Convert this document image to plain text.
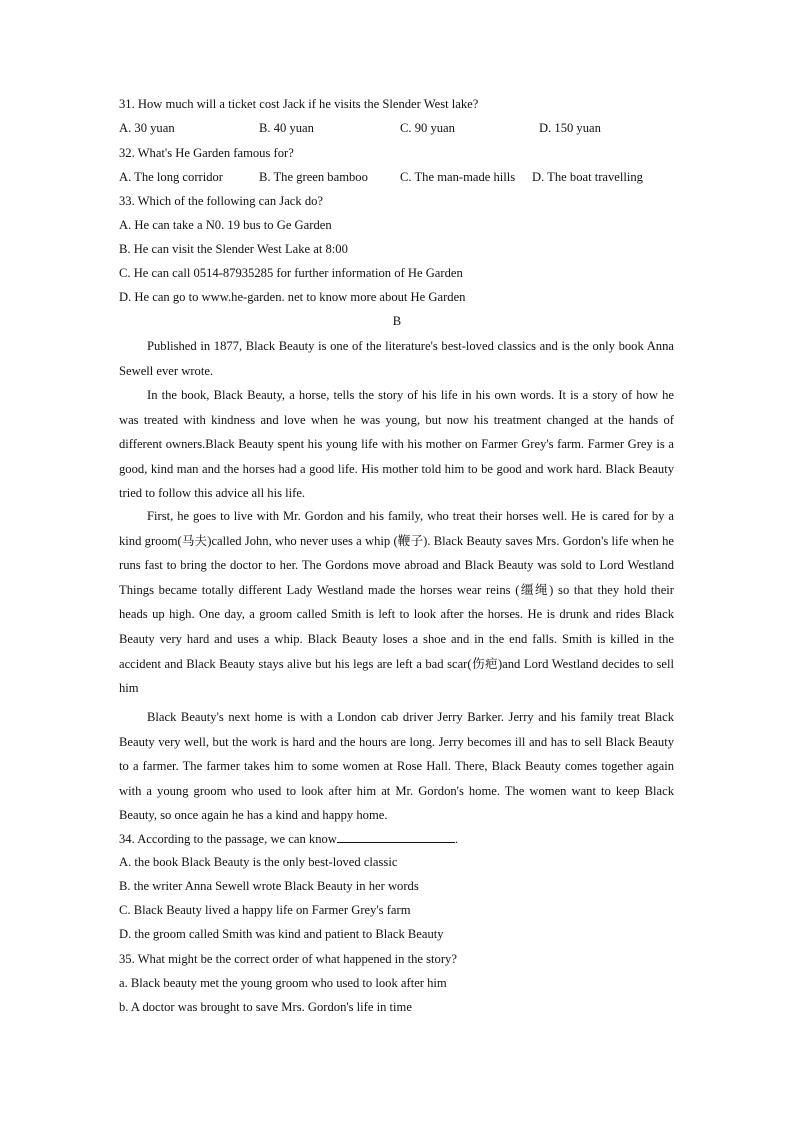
31. How much will a ticket cost Jack if he visits the Slender West lake?
A. 30 yuan	B. 40 yuan	C. 90 yuan	D. 150 yuan
32. What's He Garden famous for?
A. The long corridor	B. The green bamboo	C. The man-made hills D. The boat travelling
33. Which of the following can Jack do?
A. He can take a N0. 19 bus to Ge Garden
B. He can visit the Slender West Lake at 8:00
C. He can call 0514-87935285 for further information of He Garden
D. He can go to www.he-garden. net to know more about He Garden
B
Published in 1877, Black Beauty is one of the literature's best-loved classics and is the only book Anna Sewell ever wrote.
In the book, Black Beauty, a horse, tells the story of his life in his own words. It is a story of how he was treated with kindness and love when he was young, but now his treatment changed at the hands of different owners.Black Beauty spent his young life with his mother on Farmer Grey's farm. Farmer Grey is a good, kind man and the horses had a good life. His mother told him to be good and work hard. Black Beauty tried to follow this advice all his life.
First, he goes to live with Mr. Gordon and his family, who treat their horses well. He is cared for by a kind groom(马夫)called John, who never uses a whip (鞭子). Black Beauty saves Mrs. Gordon's life when he runs fast to bring the doctor to her. The Gordons move abroad and Black Beauty was sold to Lord Westland Things became totally different Lady Westland made the horses wear reins (缰绳) so that they hold their heads up high. One day, a groom called Smith is left to look after the horses. He is drunk and rides Black Beauty very hard and uses a whip. Black Beauty loses a shoe and in the end falls. Smith is killed in the accident and Black Beauty stays alive but his legs are left a bad scar(伤疤)and Lord Westland decides to sell him
Black Beauty's next home is with a London cab driver Jerry Barker. Jerry and his family treat Black Beauty very well, but the work is hard and the hours are long. Jerry becomes ill and has to sell Black Beauty to a farmer. The farmer takes him to some women at Rose Hall. There, Black Beauty comes together again with a young groom who used to look after him at Mr. Gordon's home. The women want to keep Black Beauty, so once again he has a kind and happy home.
34. According to the passage, we can know	.
A. the book Black Beauty is the only best-loved classic
B. the writer Anna Sewell wrote Black Beauty in her words
C. Black Beauty lived a happy life on Farmer Grey's farm
D. the groom called Smith was kind and patient to Black Beauty
35. What might be the correct order of what happened in the story?
a. Black beauty met the young groom who used to look after him
b. A doctor was brought to save Mrs. Gordon's life in time
